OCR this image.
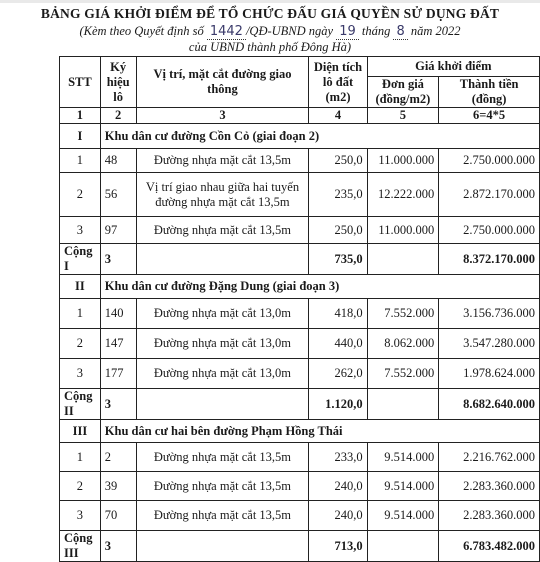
BẢNG GIÁ KHỞI ĐIỂM ĐỂ TỔ CHỨC ĐẤU GIÁ QUYỀN SỬ DỤNG ĐẤT
(Kèm theo Quyết định số 1442 /QĐ-UBND ngày 19 tháng 8 năm 2022
của UBND thành phố Đông Hà)
STT	Ký hiệu lô	Vị trí, mặt cắt đường giao thông	Diện tích lô đất (m2)	Giá khởi điểm	
				Đơn giá (đồng/m2)	Thành tiền (đồng)
1	2	3	4	5	6=4*5
I	Khu dân cư đường Cồn Cỏ (giai đoạn 2)				
1	48	Đường nhựa mặt cắt 13,5m	250,0	11.000.000	2.750.000.000
2	56	Vị trí giao nhau giữa hai tuyến đường nhựa mặt cắt 13,5m	235,0	12.222.000	2.872.170.000
3	97	Đường nhựa mặt cắt 13,5m	250,0	11.000.000	2.750.000.000
Cộng I	3		735,0		8.372.170.000
II	Khu dân cư đường Đặng Dung (giai đoạn 3)				
1	140	Đường nhựa mặt cắt 13,0m	418,0	7.552.000	3.156.736.000
2	147	Đường nhựa mặt cắt 13,0m	440,0	8.062.000	3.547.280.000
3	177	Đường nhựa mặt cắt 13,0m	262,0	7.552.000	1.978.624.000
Cộng II	3		1.120,0		8.682.640.000
III	Khu dân cư hai bên đường Phạm Hồng Thái				
1	2	Đường nhựa mặt cắt 13,5m	233,0	9.514.000	2.216.762.000
2	39	Đường nhựa mặt cắt 13,5m	240,0	9.514.000	2.283.360.000
3	70	Đường nhựa mặt cắt 13,5m	240,0	9.514.000	2.283.360.000
Cộng III	3		713,0		6.783.482.000
